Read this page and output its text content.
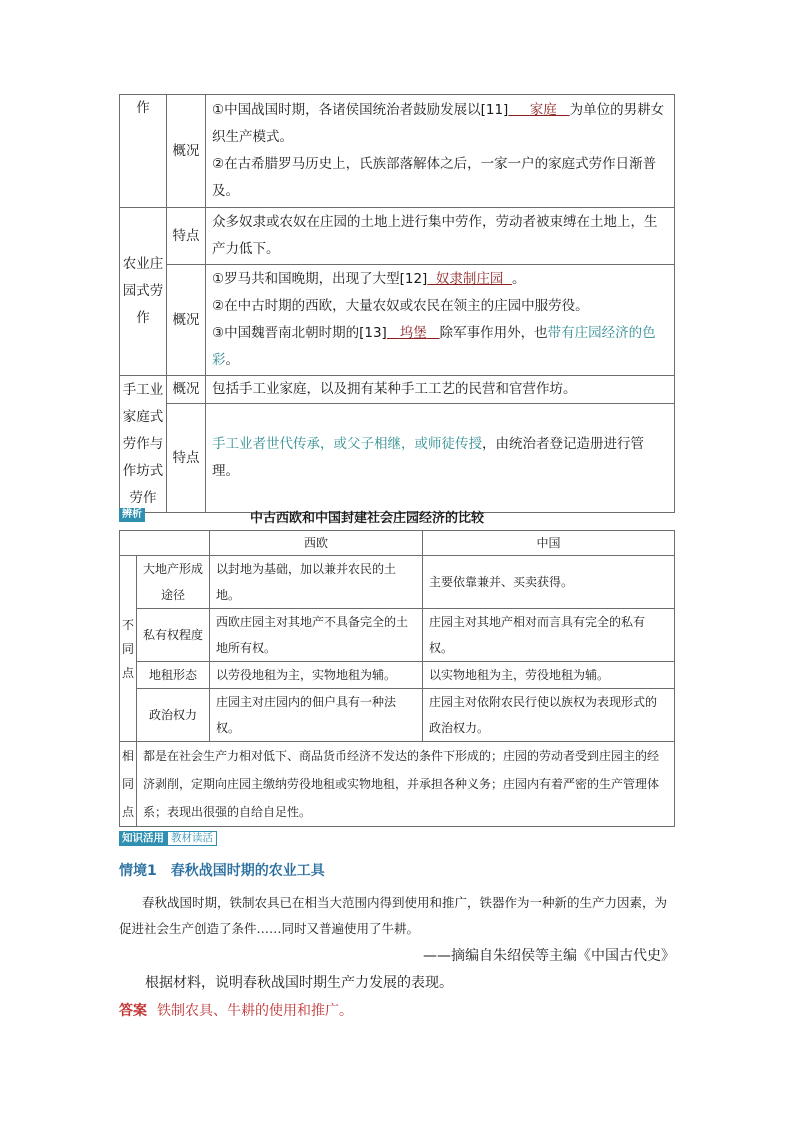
作	概况	①中国战国时期，各诸侯国统治者鼓励发展以[11] 家庭 为单位的男耕女织生产模式。
②在古希腊罗马历史上，氏族部落解体之后，一家一户的家庭式劳作日渐普及。

农业庄园式劳作	特点	众多奴隶或农奴在庄园的土地上进行集中劳作，劳动者被束缚在土地上，生产力低下。
	概况	①罗马共和国晚期，出现了大型[12] 奴隶制庄园 。
②在中古时期的西欧，大量农奴或农民在领主的庄园中服劳役。
③中国魏晋南北朝时期的[13] 坞堡 除军事作用外，也带有庄园经济的色彩。

手工业家庭式劳作与作坊式劳作	概况	包括手工业家庭，以及拥有某种手工工艺的民营和官营作坊。
	特点	手工业者世代传承，或父子相继，或师徒传授，由统治者登记造册进行管理。
辨析	中古西欧和中国封建社会庄园经济的比较
		西欧	中国
不同点	大地产形成途径	以封地为基础，加以兼并农民的土地。	主要依靠兼并、买卖获得。
	私有权程度	西欧庄园主对其地产不具备完全的土地所有权。	庄园主对其地产相对而言具有完全的私有权。
	地租形态	以劳役地租为主，实物地租为辅。	以实物地租为主，劳役地租为辅。
	政治权力	庄园主对庄园内的佃户具有一种法权。	庄园主对依附农民行使以族权为表现形式的政治权力。
相同点	都是在社会生产力相对低下、商品货币经济不发达的条件下形成的；庄园的劳动者受到庄园主的经济剥削，定期向庄园主缴纳劳役地租或实物地租，并承担各种义务；庄园内有着严密的生产管理体系；表现出很强的自给自足性。		
知识活用 教材读活
情境1　春秋战国时期的农业工具
春秋战国时期，铁制农具已在相当大范围内得到使用和推广，铁器作为一种新的生产力因素，为促进社会生产创造了条件……同时又普遍使用了牛耕。
——摘编自朱绍侯等主编《中国古代史》
根据材料，说明春秋战国时期生产力发展的表现。
答案 铁制农具、牛耕的使用和推广。
